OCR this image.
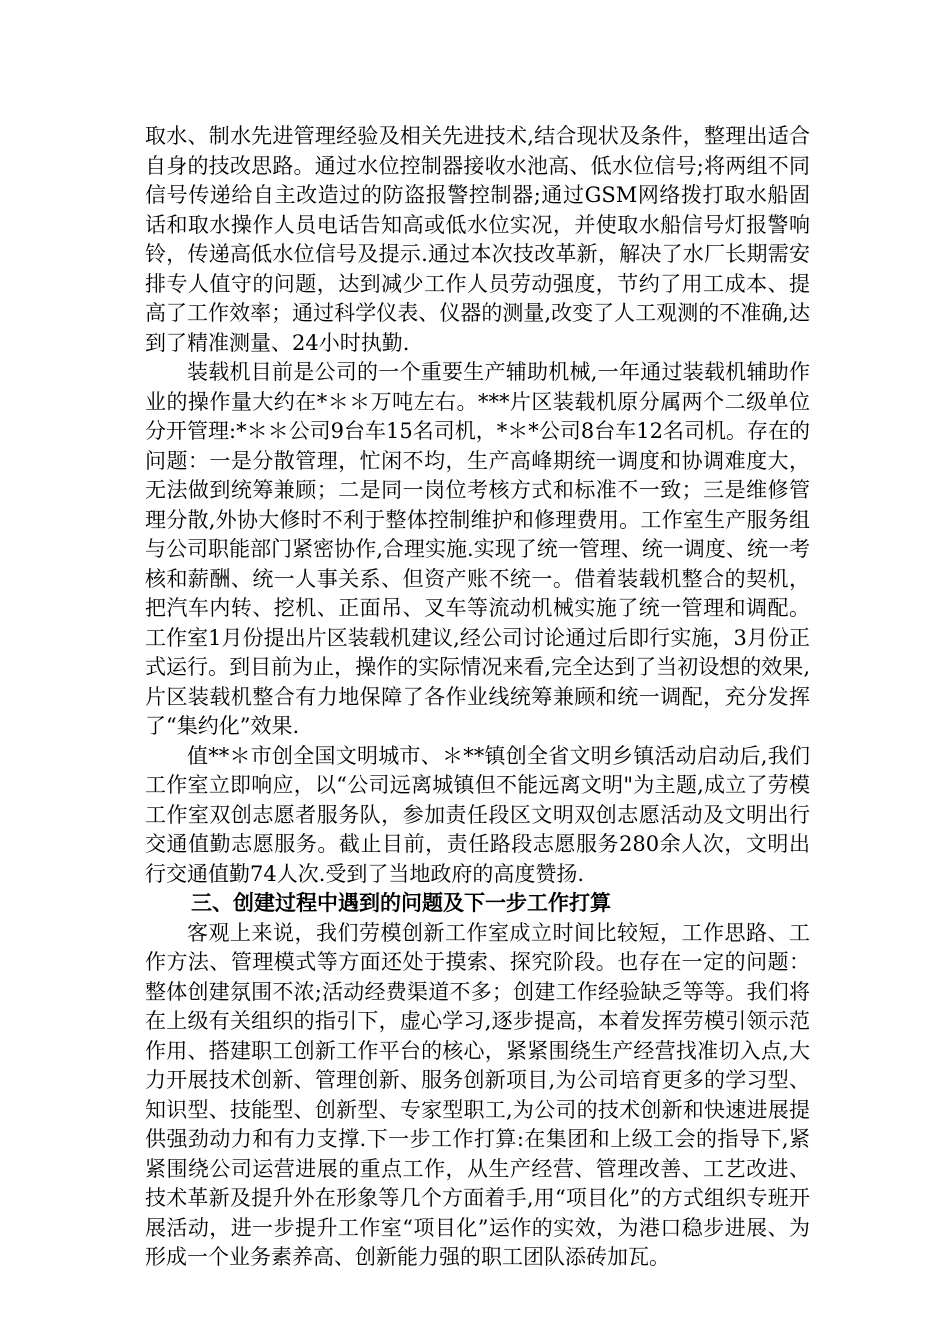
取水、制水先进管理经验及相关先进技术,结合现状及条件，整理出适合自身的技改思路。通过水位控制器接收水池高、低水位信号;将两组不同信号传递给自主改造过的防盗报警控制器;通过GSM网络拨打取水船固话和取水操作人员电话告知高或低水位实况，并使取水船信号灯报警响铃，传递高低水位信号及提示.通过本次技改革新，解决了水厂长期需安排专人值守的问题，达到减少工作人员劳动强度，节约了用工成本、提高了工作效率；通过科学仪表、仪器的测量,改变了人工观测的不准确,达到了精准测量、24小时执勤.

装载机目前是公司的一个重要生产辅助机械,一年通过装载机辅助作业的操作量大约在*＊＊万吨左右。***片区装载机原分属两个二级单位分开管理:*＊＊公司9台车15名司机，*＊*公司8台车12名司机。存在的问题：一是分散管理，忙闲不均，生产高峰期统一调度和协调难度大，无法做到统筹兼顾；二是同一岗位考核方式和标准不一致；三是维修管理分散,外协大修时不利于整体控制维护和修理费用。工作室生产服务组与公司职能部门紧密协作,合理实施.实现了统一管理、统一调度、统一考核和薪酬、统一人事关系、但资产账不统一。借着装载机整合的契机，把汽车内转、挖机、正面吊、叉车等流动机械实施了统一管理和调配。工作室1月份提出片区装载机建议,经公司讨论通过后即行实施，3月份正式运行。到目前为止，操作的实际情况来看,完全达到了当初设想的效果,片区装载机整合有力地保障了各作业线统筹兼顾和统一调配，充分发挥了“集约化”效果.

值**＊市创全国文明城市、＊**镇创全省文明乡镇活动启动后,我们工作室立即响应，以“公司远离城镇但不能远离文明"为主题,成立了劳模工作室双创志愿者服务队，参加责任段区文明双创志愿活动及文明出行交通值勤志愿服务。截止目前，责任路段志愿服务280余人次，文明出行交通值勤74人次.受到了当地政府的高度赞扬.

三、创建过程中遇到的问题及下一步工作打算

客观上来说，我们劳模创新工作室成立时间比较短，工作思路、工作方法、管理模式等方面还处于摸索、探究阶段。也存在一定的问题：整体创建氛围不浓;活动经费渠道不多；创建工作经验缺乏等等。我们将在上级有关组织的指引下，虚心学习,逐步提高，本着发挥劳模引领示范作用、搭建职工创新工作平台的核心，紧紧围绕生产经营找准切入点,大力开展技术创新、管理创新、服务创新项目,为公司培育更多的学习型、知识型、技能型、创新型、专家型职工,为公司的技术创新和快速进展提供强劲动力和有力支撑.下一步工作打算:在集团和上级工会的指导下,紧紧围绕公司运营进展的重点工作，从生产经营、管理改善、工艺改进、技术革新及提升外在形象等几个方面着手,用“项目化”的方式组织专班开展活动，进一步提升工作室“项目化”运作的实效，为港口稳步进展、为形成一个业务素养高、创新能力强的职工团队添砖加瓦。
